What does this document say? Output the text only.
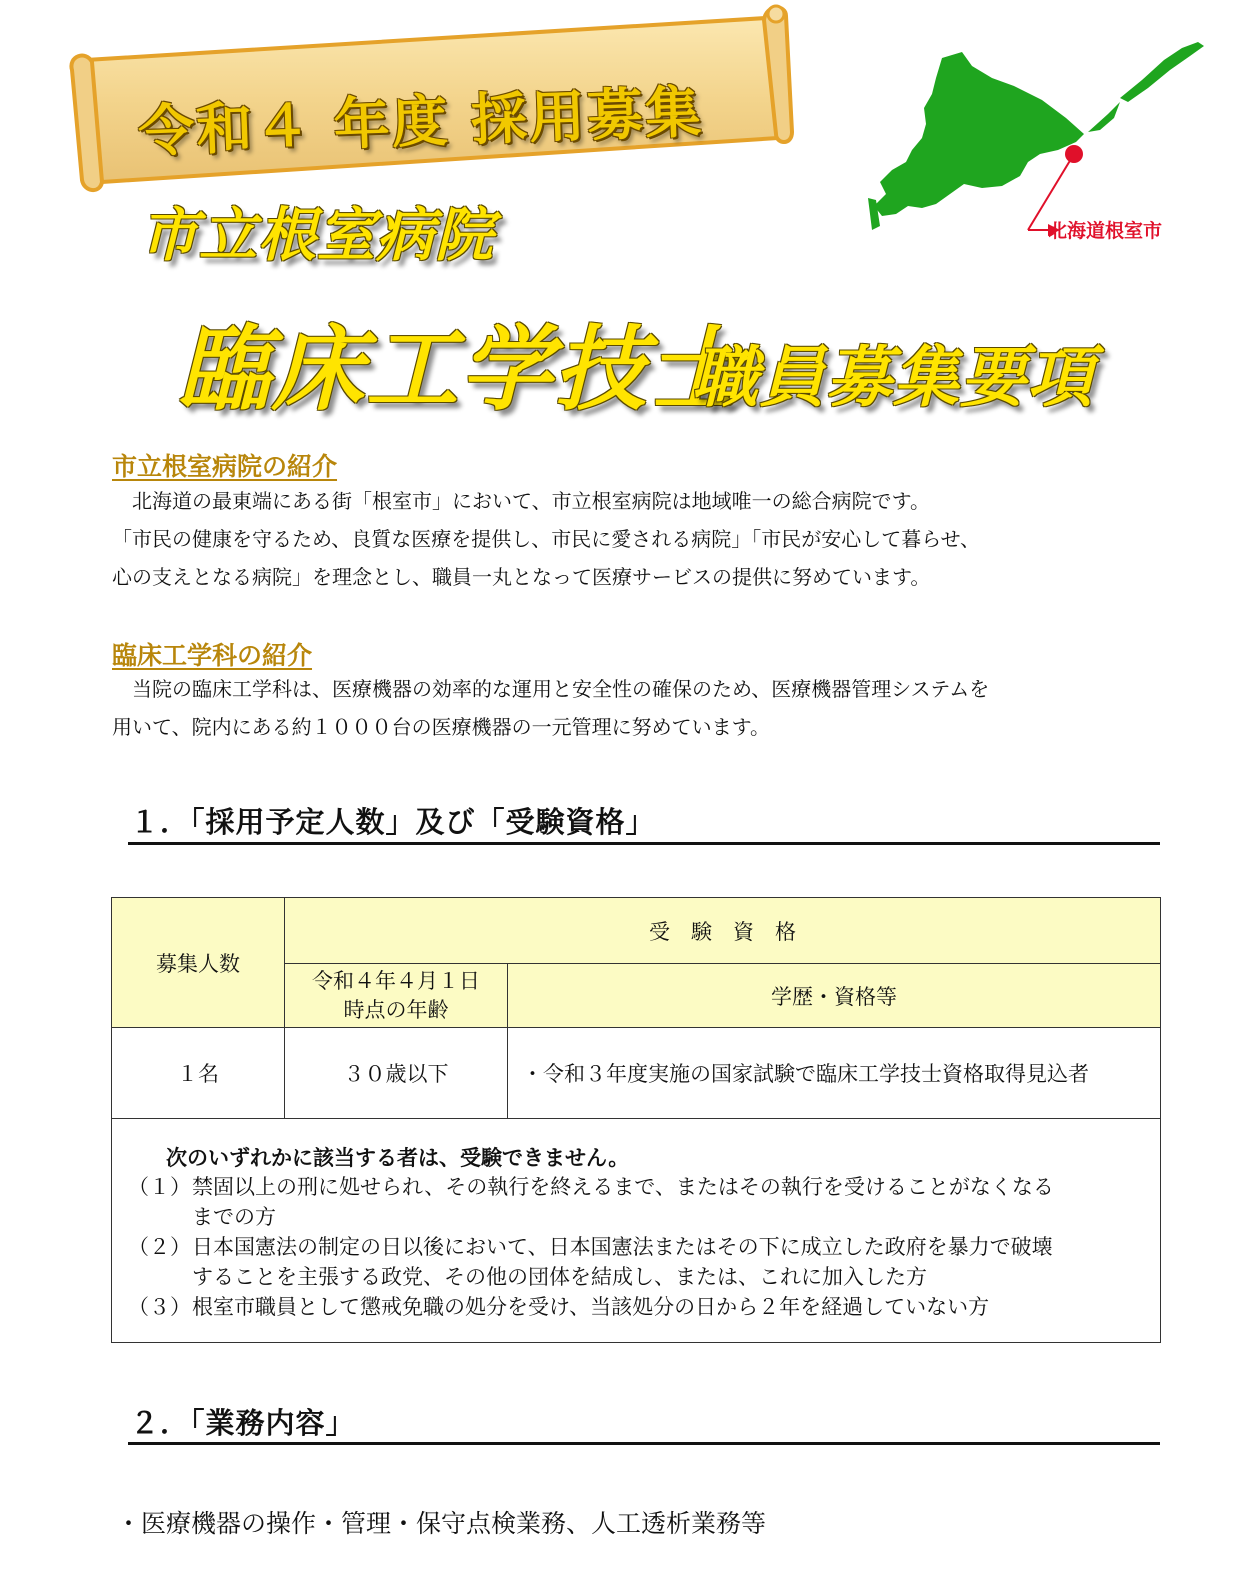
令和４ 年度 採用募集
市立根室病院
臨床工学技士
職員募集要項
北海道根室市
市立根室病院の紹介
　北海道の最東端にある街「根室市」において、市立根室病院は地域唯一の総合病院です。
「市民の健康を守るため、良質な医療を提供し、市民に愛される病院」「市民が安心して暮らせ、
心の支えとなる病院」を理念とし、職員一丸となって医療サービスの提供に努めています。
臨床工学科の紹介
　当院の臨床工学科は、医療機器の効率的な運用と安全性の確保のため、医療機器管理システムを
用いて、院内にある約１０００台の医療機器の一元管理に努めています。
１．「採用予定人数」及び「受験資格」
募集人数	受　験　資　格	

	令和４年４月１日
時点の年齢	学歴・資格等
１名	３０歳以下	・令和３年度実施の国家試験で臨床工学技士資格取得見込者
次のいずれかに該当する者は、受験できません。
（１） 禁固以上の刑に処せられ、その執行を終えるまで、またはその執行を受けることがなくなる
までの方
（２） 日本国憲法の制定の日以後において、日本国憲法またはその下に成立した政府を暴力で破壊
することを主張する政党、その他の団体を結成し、または、これに加入した方
（３） 根室市職員として懲戒免職の処分を受け、当該処分の日から２年を経過していない方
２．「業務内容」
・医療機器の操作・管理・保守点検業務、人工透析業務等
